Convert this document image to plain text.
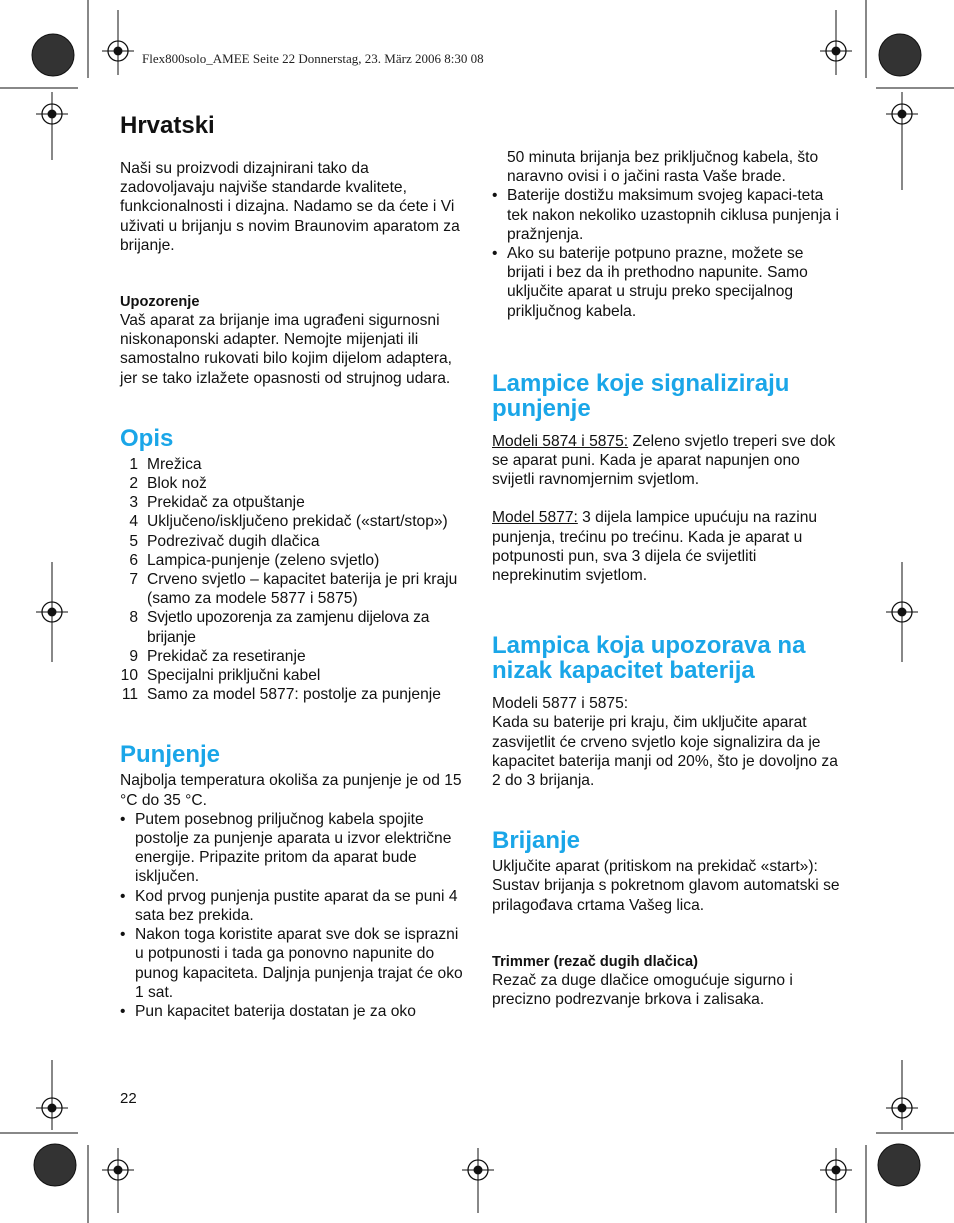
Flex800solo_AMEE Seite 22 Donnerstag, 23. März 2006 8:30 08
Hrvatski

Naši su proizvodi dizajnirani tako da zadovoljavaju najviše standarde kvalitete, funkcionalnosti i dizajna. Nadamo se da ćete i Vi uživati u brijanju s novim Braunovim aparatom za brijanje.

Upozorenje

Vaš aparat za brijanje ima ugrađeni sigurnosni niskonaponski adapter. Nemojte mijenjati ili samostalno rukovati bilo kojim dijelom adaptera, jer se tako izlažete opasnosti od strujnog udara.

Opis
1 Mrežica
2 Blok nož
3 Prekidač za otpuštanje
4 Uključeno/isključeno prekidač («start/stop»)
5 Podrezivač dugih dlačica
6 Lampica-punjenje (zeleno svjetlo)
7 Crveno svjetlo – kapacitet baterija je pri kraju (samo za modele 5877 i 5875)
8 Svjetlo upozorenja za zamjenu dijelova za brijanje
9 Prekidač za resetiranje
10 Specijalni priključni kabel
11 Samo za model 5877: postolje za punjenje
Punjenje

Najbolja temperatura okoliša za punjenje je od 15 °C do 35 °C.

• Putem posebnog priljučnog kabela spojite postolje za punjenje aparata u izvor električne energije. Pripazite pritom da aparat bude isključen.
• Kod prvog punjenja pustite aparat da se puni 4 sata bez prekida.
• Nakon toga koristite aparat sve dok se isprazni u potpunosti i tada ga ponovno napunite do punog kapaciteta. Daljnja punjenja trajat će oko 1 sat.
• Pun kapacitet baterija dostatan je za oko
22

50 minuta brijanja bez priključnog kabela, što naravno ovisi i o jačini rasta Vaše brade.

• Baterije dostižu maksimum svojeg kapaci-teta tek nakon nekoliko uzastopnih ciklusa punjenja i pražnjenja.
• Ako su baterije potpuno prazne, možete se brijati i bez da ih prethodno napunite. Samo uključite aparat u struju preko specijalnog priključnog kabela.
Lampice koje signaliziraju punjenje

Modeli 5874 i 5875: Zeleno svjetlo treperi sve dok se aparat puni. Kada je aparat napunjen ono svijetli ravnomjernim svjetlom.

Model 5877: 3 dijela lampice upućuju na razinu punjenja, trećinu po trećinu. Kada je aparat u potpunosti pun, sva 3 dijela će svijetliti neprekinutim svjetlom.

Lampica koja upozorava na nizak kapacitet baterija

Modeli 5877 i 5875:

Kada su baterije pri kraju, čim uključite aparat zasvijetlit će crveno svjetlo koje signalizira da je kapacitet baterija manji od 20%, što je dovoljno za 2 do 3 brijanja.

Brijanje

Uključite aparat (pritiskom na prekidač «start»):

Sustav brijanja s pokretnom glavom automatski se prilagođava crtama Vašeg lica.

Trimmer (rezač dugih dlačica)

Rezač za duge dlačice omogućuje sigurno i precizno podrezvanje brkova i zalisaka.
